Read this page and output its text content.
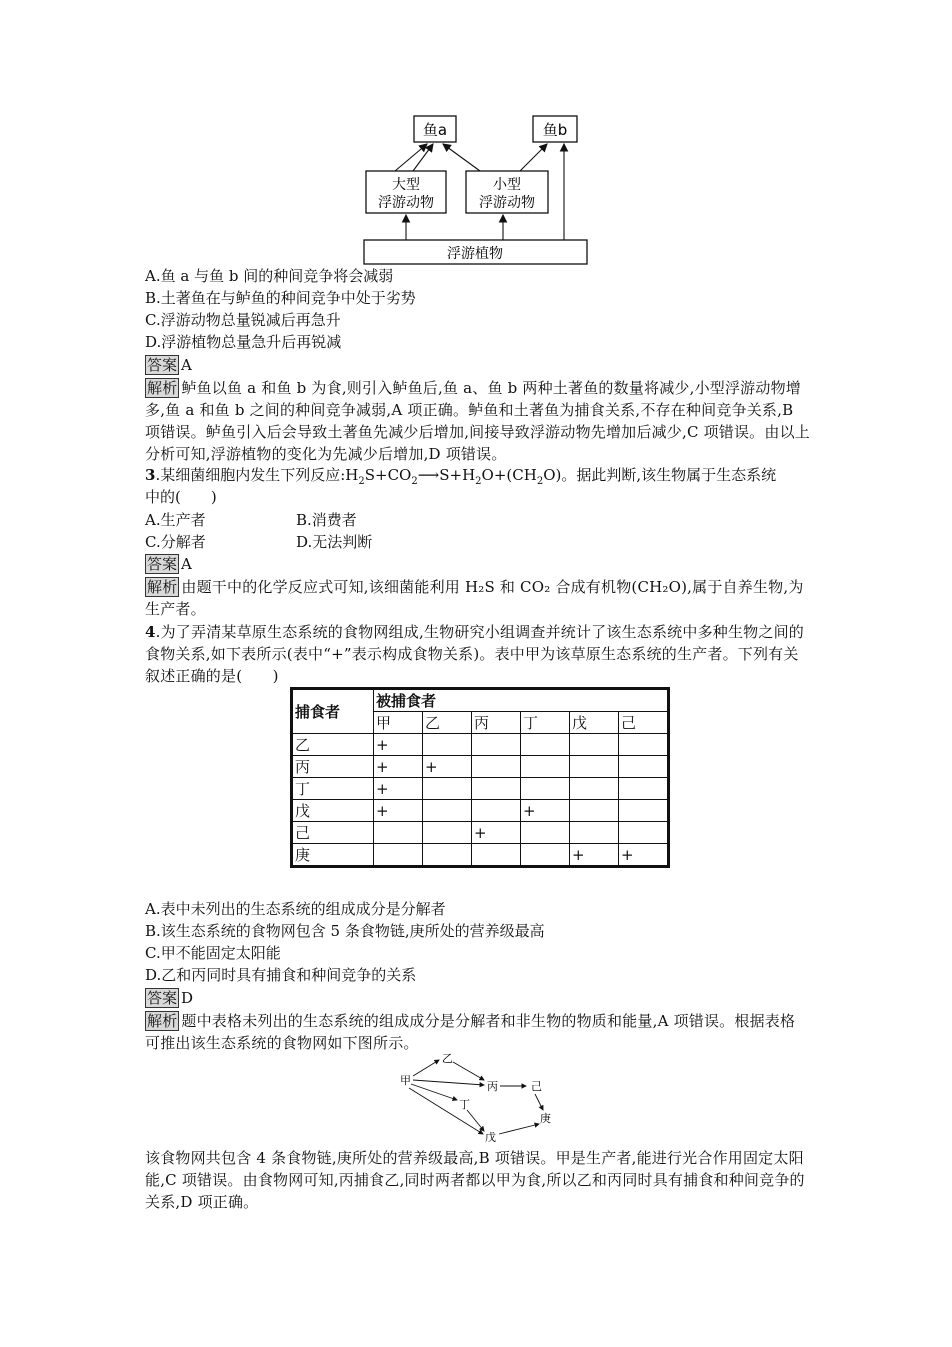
鱼a	鱼b
大型
浮游动物
小型
浮游动物
浮游植物
A.鱼 a 与鱼 b 间的种间竞争将会减弱
B.土著鱼在与鲈鱼的种间竞争中处于劣势
C.浮游动物总量锐减后再急升
D.浮游植物总量急升后再锐减
答案 A
解析 鲈鱼以鱼 a 和鱼 b 为食,则引入鲈鱼后,鱼 a、鱼 b 两种土著鱼的数量将减少,小型浮游动物增多,鱼 a 和鱼 b 之间的种间竞争减弱,A 项正确。鲈鱼和土著鱼为捕食关系,不存在种间竞争关系,B 项错误。鲈鱼引入后会导致土著鱼先减少后增加,间接导致浮游动物先增加后减少,C 项错误。由以上分析可知,浮游植物的变化为先减少后增加,D 项错误。
3.某细菌细胞内发生下列反应$:H_2S+CO_2⟶S+H_2O+(CH_2O)$。据此判断,该生物属于生态系统
中的(　　)
A.生产者	B.消费者
C.分解者	D.无法判断
答案 A
解析 由题干中的化学反应式可知,该细菌能利用 H₂S 和 CO₂ 合成有机物(CH₂O),属于自养生物,为生产者。
4.为了弄清某草原生态系统的食物网组成,生物研究小组调查并统计了该生态系统中多种生物之间的食物关系,如下表所示(表中“+”表示构成食物关系)。表中甲为该草原生态系统的生产者。下列有关叙述正确的是(　　)
捕食者	被捕食者					
	甲	乙	丙	丁	戊	己
乙	+					
丙	+	+				
丁	+					
戊	+			+		
己			+			
庚					+	+
A.表中未列出的生态系统的组成成分是分解者
B.该生态系统的食物网包含 5 条食物链,庚所处的营养级最高
C.甲不能固定太阳能
D.乙和丙同时具有捕食和种间竞争的关系
答案 D
解析 题中表格未列出的生态系统的组成成分是分解者和非生物的物质和能量,A 项错误。根据表格可推出该生态系统的食物网如下图所示。
甲
乙
丙	己
丁
庚
戊
该食物网共包含 4 条食物链,庚所处的营养级最高,B 项错误。甲是生产者,能进行光合作用固定太阳能,C 项错误。由食物网可知,丙捕食乙,同时两者都以甲为食,所以乙和丙同时具有捕食和种间竞争的关系,D 项正确。
